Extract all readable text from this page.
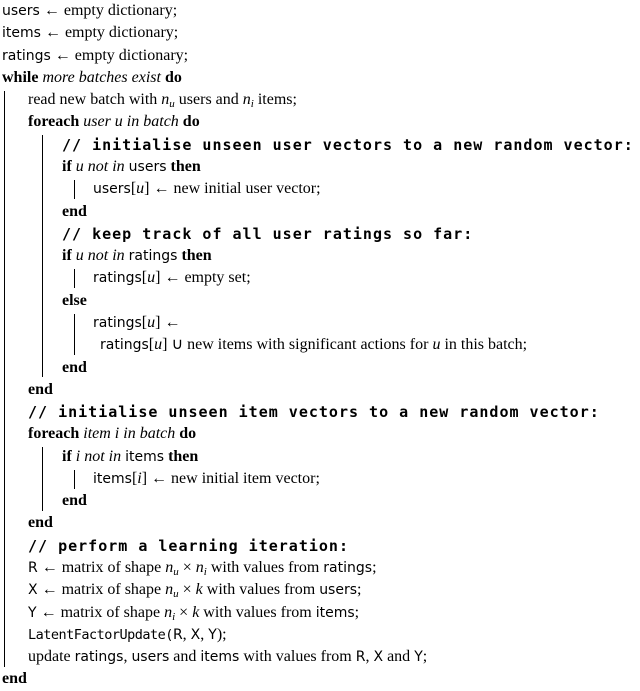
users ← empty dictionary;
items ← empty dictionary;
ratings ← empty dictionary;
while more batches exist do
read new batch with nu users and ni items;
foreach user u in batch do
// initialise unseen user vectors to a new random vector:
if u not in users then
users[u] ← new initial user vector;
end
// keep track of all user ratings so far:
if u not in ratings then
ratings[u] ← empty set;
else
ratings[u] ←
ratings[u] ∪ new items with significant actions for u in this batch;
end
end
// initialise unseen item vectors to a new random vector:
foreach item i in batch do
if i not in items then
items[i] ← new initial item vector;
end
end
// perform a learning iteration:
R ← matrix of shape nu × ni with values from ratings;
X ← matrix of shape nu × k with values from users;
Y ← matrix of shape ni × k with values from items;
LatentFactorUpdate(R, X, Y);
update ratings, users and items with values from R, X and Y;
end
